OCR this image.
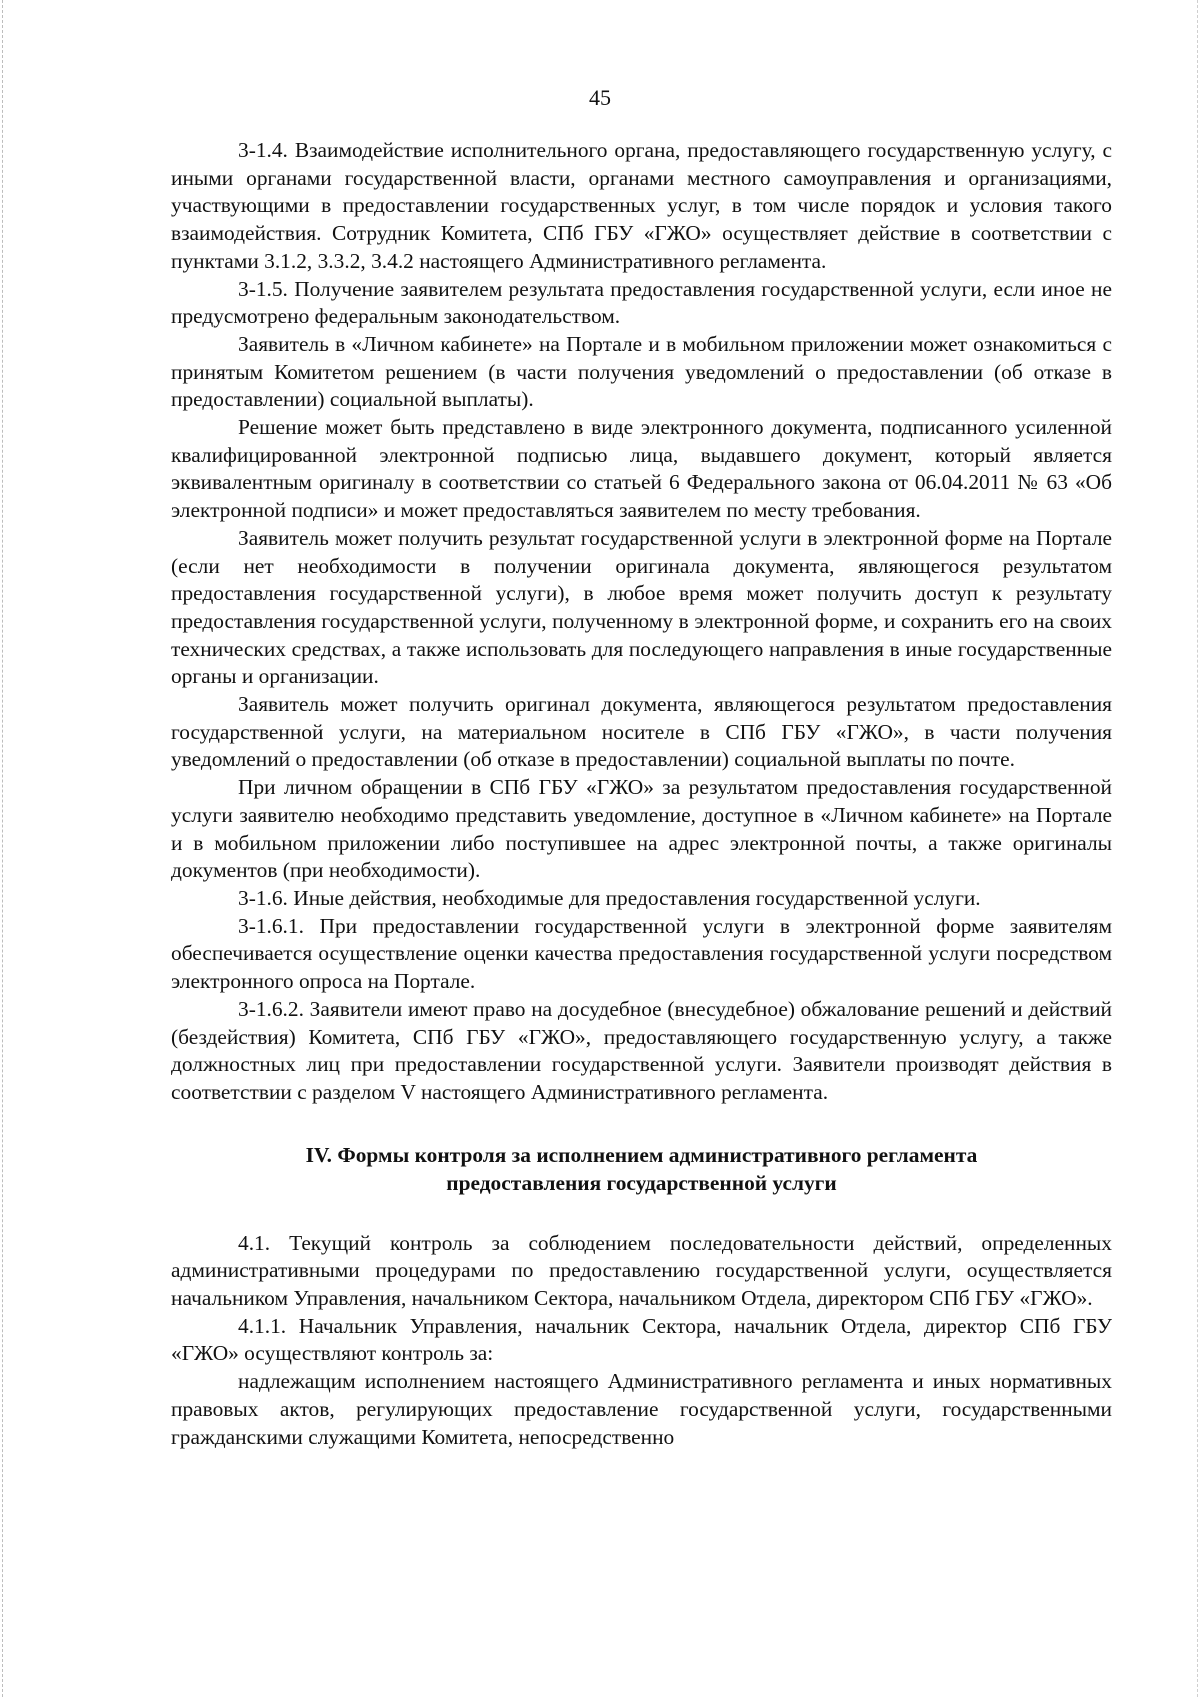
45

3-1.4. Взаимодействие исполнительного органа, предоставляющего государственную услугу, с иными органами государственной власти, органами местного самоуправления и организациями, участвующими в предоставлении государственных услуг, в том числе порядок и условия такого взаимодействия. Сотрудник Комитета, СПб ГБУ «ГЖО» осуществляет действие в соответствии с пунктами 3.1.2, 3.3.2, 3.4.2 настоящего Административного регламента.

3-1.5. Получение заявителем результата предоставления государственной услуги, если иное не предусмотрено федеральным законодательством.

Заявитель в «Личном кабинете» на Портале и в мобильном приложении может ознакомиться с принятым Комитетом решением (в части получения уведомлений о предоставлении (об отказе в предоставлении) социальной выплаты).

Решение может быть представлено в виде электронного документа, подписанного усиленной квалифицированной электронной подписью лица, выдавшего документ, который является эквивалентным оригиналу в соответствии со статьей 6 Федерального закона от 06.04.2011 № 63 «Об электронной подписи» и может предоставляться заявителем по месту требования.

Заявитель может получить результат государственной услуги в электронной форме на Портале (если нет необходимости в получении оригинала документа, являющегося результатом предоставления государственной услуги), в любое время может получить доступ к результату предоставления государственной услуги, полученному в электронной форме, и сохранить его на своих технических средствах, а также использовать для последующего направления в иные государственные органы и организации.

Заявитель может получить оригинал документа, являющегося результатом предоставления государственной услуги, на материальном носителе в СПб ГБУ «ГЖО», в части получения уведомлений о предоставлении (об отказе в предоставлении) социальной выплаты по почте.

При личном обращении в СПб ГБУ «ГЖО» за результатом предоставления государственной услуги заявителю необходимо представить уведомление, доступное в «Личном кабинете» на Портале и в мобильном приложении либо поступившее на адрес электронной почты, а также оригиналы документов (при необходимости).

3-1.6. Иные действия, необходимые для предоставления государственной услуги.

3-1.6.1. При предоставлении государственной услуги в электронной форме заявителям обеспечивается осуществление оценки качества предоставления государственной услуги посредством электронного опроса на Портале.

3-1.6.2. Заявители имеют право на досудебное (внесудебное) обжалование решений и действий (бездействия) Комитета, СПб ГБУ «ГЖО», предоставляющего государственную услугу, а также должностных лиц при предоставлении государственной услуги. Заявители производят действия в соответствии с разделом V настоящего Административного регламента.

IV. Формы контроля за исполнением административного регламента
предоставления государственной услуги

4.1. Текущий контроль за соблюдением последовательности действий, определенных административными процедурами по предоставлению государственной услуги, осуществляется начальником Управления, начальником Сектора, начальником Отдела, директором СПб ГБУ «ГЖО».

4.1.1. Начальник Управления, начальник Сектора, начальник Отдела, директор СПб ГБУ «ГЖО» осуществляют контроль за:

надлежащим исполнением настоящего Административного регламента и иных нормативных правовых актов, регулирующих предоставление государственной услуги, государственными гражданскими служащими Комитета, непосредственно
